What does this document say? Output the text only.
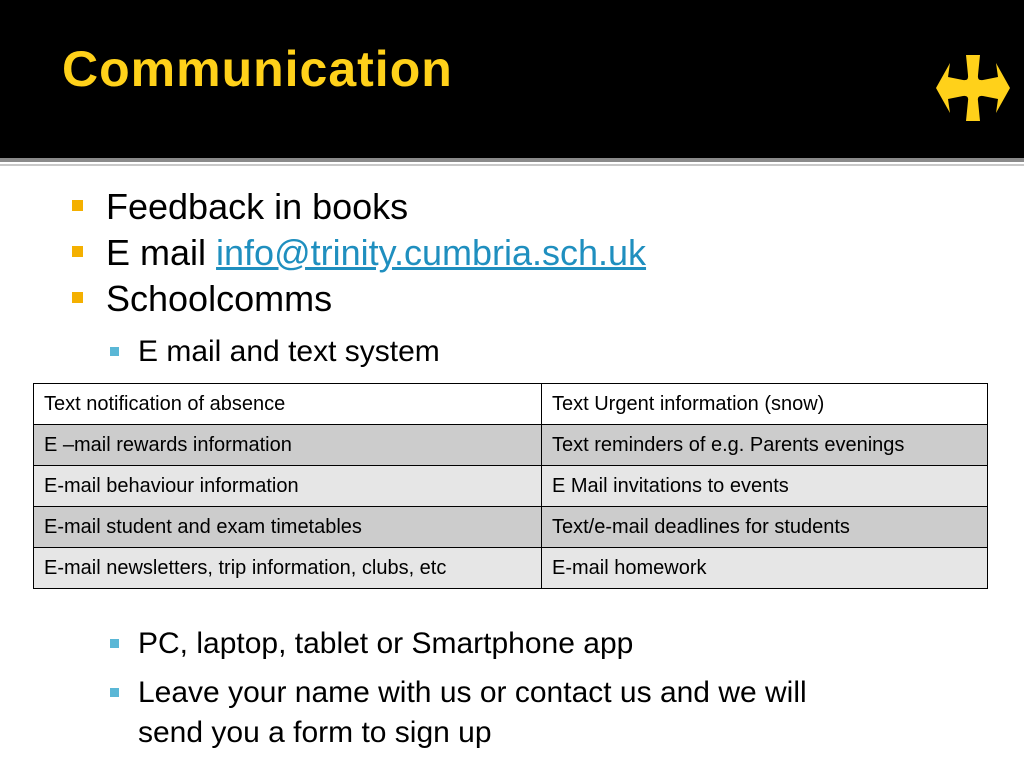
Communication
Feedback in books
E mail info@trinity.cumbria.sch.uk
Schoolcomms
E mail and text system
Text notification of absence	Text Urgent information (snow)
E –mail rewards information	Text reminders of e.g. Parents evenings
E-mail behaviour information	E Mail invitations to events
E-mail student and exam timetables	Text/e-mail deadlines for students
E-mail newsletters, trip information, clubs, etc	E-mail homework
PC, laptop, tablet or Smartphone app
Leave your name with us or contact us and we will
send you a form to sign up
